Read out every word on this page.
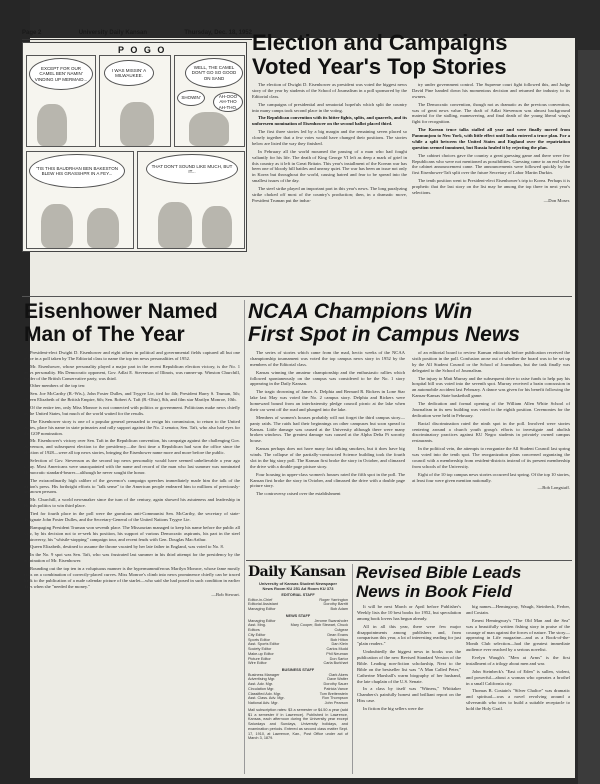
Page 2	University Daily Kansan	Thursday, Dec. 18, 1952
P O G O
EXCEPT FOR OUR CAMEL BEN' NAMIN' VINDING UP MERMAID...
I WAS MISSIN' A MILWAUKEE.
WELL, THE CAMEL DON'T GO SO GOOD ON SAND
SHOWIN'	AH-OOO AH-THO AH-THO.
'TIS THIS BAUDRHAN BEN BAKESTON BLEW HIS GRASSHPR IN A FEY...
THAT DON'T SOUND LIKE MUCH, BUT IT...
Election and Campaigns
Voted Year's Top Stories

The election of Dwight D. Eisenhower as president was voted the biggest news story of the year by students of the School of Journalism in a poll sponsored by the Editorial class.

The campaigns of presidential and senatorial hopefuls which split the country into many camps took second place in the voting.

The Republican convention with its bitter fights, splits, and quarrels, and its unforeseen nomination of Eisenhower on the second ballot placed third.

The first three stories led by a big margin and the remaining seven placed so closely together that a few votes would have changed their positions. The stories below are listed the way they finished.

In February all the world mourned the passing of a man who had fought valiantly for his life. The death of King George VI left as deep a mark of grief in this country as it left in Great Britain. This year's installment of the Korean war has been one of bloody hill battles and uneasy quiet. The war has been an issue not only in Korea but throughout the world, causing hatred and fear to be spread into the smallest issues of the day.

The steel strike played an important part in this year's news. The long paralyzing strike choked off most of the country's production; then, in a dramatic move, President Truman put the indus-

try under government control. The Supreme court fight followed this, and Judge David Pine handed down his momentous decision and returned the industry to its owners.

The Democratic convention, though not as dramatic as the previous convention, was of great news value. The draft of Adlai Stevenson was almost background material for the stalling, maneuvering, and final death of the young liberal wing's fight for recognition.

The Korean truce talks stalled all year and were finally moved from Panmunjom to New York, with little effect until India entered a truce plan. For a while a split between the United States and England over the repatriation question seemed imminent, but Russia healed it by rejecting the plan.

The cabinet choices gave the country a great guessing game and there were few Republicans who were not mentioned as possibilities. Guessing came to an end when the cabinet announcement came. The announcements were followed quickly by the first Eisenhower-Taft split over the future Secretary of Labor Martin Durkin.

The tenth position went to President-elect Eisenhower's trip to Korea. Perhaps it is prophetic that the last story on the list may be among the top three in next year's selections.

—Don Moser.
Eisenhower Named
Man of The Year

President-elect Dwight D. Eisenhower and eight others in political and governmental fields captured all but one place in a poll taken by The Editorial class to name the top ten news personalities of 1952.

Mr. Eisenhower, whose personality played a major part in the recent Republican election victory, is the No. 1 news personality. His Democratic opponent, Gov. Adlai E. Stevenson of Illinois, was runner-up. Winston Churchill, leader of the British Conservative party, was third.

Other members of the top ten:

Sen. Joe McCarthy (R.-Wis.), John Foster Dulles, and Trygve Lie, tied for 4th; President Harry S. Truman, 5th; Queen Elizabeth of the British Empire, 6th; Sen. Robert A. Taft (R.-Ohio), 8th, and film star Marilyn Monroe, 10th.

Of the entire ten, only Miss Monroe is not connected with politics or government. Politicians make news chiefly in the United States, but much of the world waited for the results.

The Eisenhower story is one of a popular general persuaded to resign his commission, to return to the United States, place his name in state primaries and rally support against the No. 2 senator, Sen. Taft, who also had eyes for the GOP nomination.

Mr. Eisenhower's victory over Sen. Taft in the Republican convention, his campaign against the challenging Gov. Stevenson, and subsequent election to the presidency—the first time a Republican had won the office since the election of 1928—were all top news stories, bringing the Eisenhower name more and more before the public.

Selection of Gov. Stevenson as the second top news personality would have seemed unbelievable a year ago today. Most Americans were unacquainted with the name and record of the man who last summer was nominated Democratic standard-bearer—although he never sought the honor.

The extraordinarily high caliber of the governor's campaign speeches immediately made him the talk of the nation's press. His forthright efforts to "talk sense" to the American people endeared him to millions of previously-unknown persons.

Mr. Churchill, a world newsmaker since the turn of the century, again showed his astuteness and leadership in British politics to win third place.

Tied for fourth place in the poll were the garrulous anti-Communist Sen. McCarthy, the secretary of state-designate John Foster Dulles, and the Secretary-General of the United Nations Trygve Lie.

Rampaging President Truman won seventh place. The Missourian managed to keep his name before the public all year, by his decision not to re-seek his position, his support of various Democratic aspirants, his part in the steel controversy, his "whistle-stopping" campaign tour, and recent feuds with Gen. Douglas MacArthur.

Queen Elizabeth, destined to assume the throne vacated by her late father in England, was voted to No. 8.

In the No. 9 spot was Sen. Taft, who was frustrated last summer in his third attempt for the presidency by the nomination of Mr. Eisenhower.

Rounding out the top ten in a voluptuous manner is the hypermammiferous Marilyn Monroe, whose fame mostly rests on a combination of correctly-placed curves. Miss Monroe's climb into news prominence chiefly can be traced back to the publication of a nude calendar picture of the starlet—who said she had posed in such condition in earlier days when she "needed the money."

—Bob Stewart.
NCAA Champions Win
First Spot in Campus News

The series of stories which came from the mad, hectic weeks of the NCAA championship tournament was voted the top campus news story in 1952 by the members of the Editorial class.

Kansas winning the amateur championship and the enthusiastic rallies which followed spontaneously on the campus was considered to be the No. 1 story appearing in the Daily Kansan.

The tragic drowning of James A. Delphia and Bernard R. Rickers in Lone Star lake last May was voted the No. 2 campus story. Delphia and Rickers were homeward bound from an interfraternity pledge council picnic at the lake when their car went off the road and plunged into the lake.

Members of women's houses probably will not forget the third campus story—panty raids. The raids had their beginnings on other campuses but soon spread to Kansas. Little damage was caused at the University although there were many broken windows. The greatest damage was caused at the Alpha Delta Pi sorority house.

Kansas perhaps does not have many fast talking smokers, but it does have big winds. The collapse of the partially-constructed Science building took the fourth slot in the big story poll. The Kansan first broke the story in October, and climaxed the drive with a double page picture story.

Four housing in upper-class women's houses rated the fifth spot in the poll. The Kansan first broke the story in October, and climaxed the drive with a double page picture story.

The controversy raised over the establishment

of an editorial board to review Kansan editorials before publication received the sixth position in the poll. Confusion arose out of whether the board was to be set up by the All Student Council or the School of Journalism, but the task finally was delegated to the School of Journalism.

The injury to Matt Murray and the subsequent drive to raise funds to help pay his hospital bill was voted into the seventh spot. Murray received a brain concussion in an automobile accident last February. A dance was given for his benefit following the Kansas-Kansas State basketball game.

The dedication and formal opening of the William Allen White School of Journalism in its new building was voted to the eighth position. Ceremonies for the dedication were held in February.

Racial discrimination rated the ninth spot in the poll. Involved were stories centering around a church youth group's efforts to investigate and abolish discriminatory practices against KU Negro students in privately owned campus restaurants.

In the political vein, the attempts to reorganize the All Student Council last spring was voted into the tenth spot. The reorganization plans concerned organizing the council with a membership from resident-districts instead of its present membership from schools of the University.

Eight of the 10 top campus news stories occurred last spring. Of the top 10 stories, at least four were given mention nationally.

—Bob Longstaff.
Daily Kansan
University of Kansas Student Newspaper
News Room KU 251 Ad Room KU 373
EDITORIAL STAFF
Editor-in-Chief	Roger Yarrington
Editorial Assistant	Dorothy Barritt
Managing Editor	Bob Adam
NEWS STAFF
Managing Editor	Jerome Swansholer
Asst. Mng. Editors
Mary Cooper, Bob Stewart, Chuck Cutgear
City Editor	Dean Evans
Sports Editor	Bob Hilton
Asst. Sports Editor	Dan Klein
Society Editor	Carlos Mudd
Make-up Editor	Phil Neuman
Picture Editor	Don Sartor
Wire Editor	Carla Burkhart
BUSINESS STAFF
Business Manager	Clark Akers
Advertising Mgr.	Dave Walter
Asst. Adv. Mgr.	Dorothy Sauer
Circulation Mgr.	Patricia Vance
Classified Adv. Mgr.	Tom Breitenstein
Asst. Class. Adv. Mgr.	Ron Thompson
National Adv. Mgr.	John Pearson
Mail subscription rates: $3 a semester or $4.50 a year (add $1 a semester if in Lawrence). Published in Lawrence, Kansas, each afternoon during the University year except Saturdays and Sundays, University holidays, and examination periods. Entered as second class matter Sept. 17, 1910, at Lawrence, Kan., Post Office under act of March 3, 1879.
Revised Bible Leads
News in Book Field

It will be next March or April before Publisher's Weekly lists the 10 best books for 1952, but speculation among book lovers has begun already.

All in all this year, there were few major disappointments among publishers and, from comparison this year, a lot of interesting reading for just "plain readers."

Undoubtedly the biggest news in books was the publication of the new Revised Standard Version of the Bible. Leading non-fiction scholarship, Next to the Bible on the bestseller list was "A Man Called Peter," Catherine Marshall's warm biography of her husband, the late chaplain of the U.S. Senate.

In a class by itself was "Witness," Whittaker Chambers's painfully honest and brilliant report on the Hiss case.

In fiction the big sellers were the

big names—Hemingway, Waugh, Steinbeck, Ferber, and Costain.

Ernest Hemingway's "The Old Man and the Sea" was a beautifully written fishing story in praise of the courage of man against the forces of nature. The story—appearing in Life magazine—and as a Book-of-the-Month Club selection—had the greatest immediate audience ever reached by a serious novelist.

Evelyn Waugh's "Men at Arms" is the first installment of a trilogy about men and war.

John Steinbeck's "East of Eden" is sullen, violent, and powerful—about a woman who operates a brothel in a small California city.

Thomas B. Costain's "Silver Chalice" was dramatic and spiritual—was a novel revolving around a silversmith who tries to build a suitable receptacle to hold the Holy Grail.
